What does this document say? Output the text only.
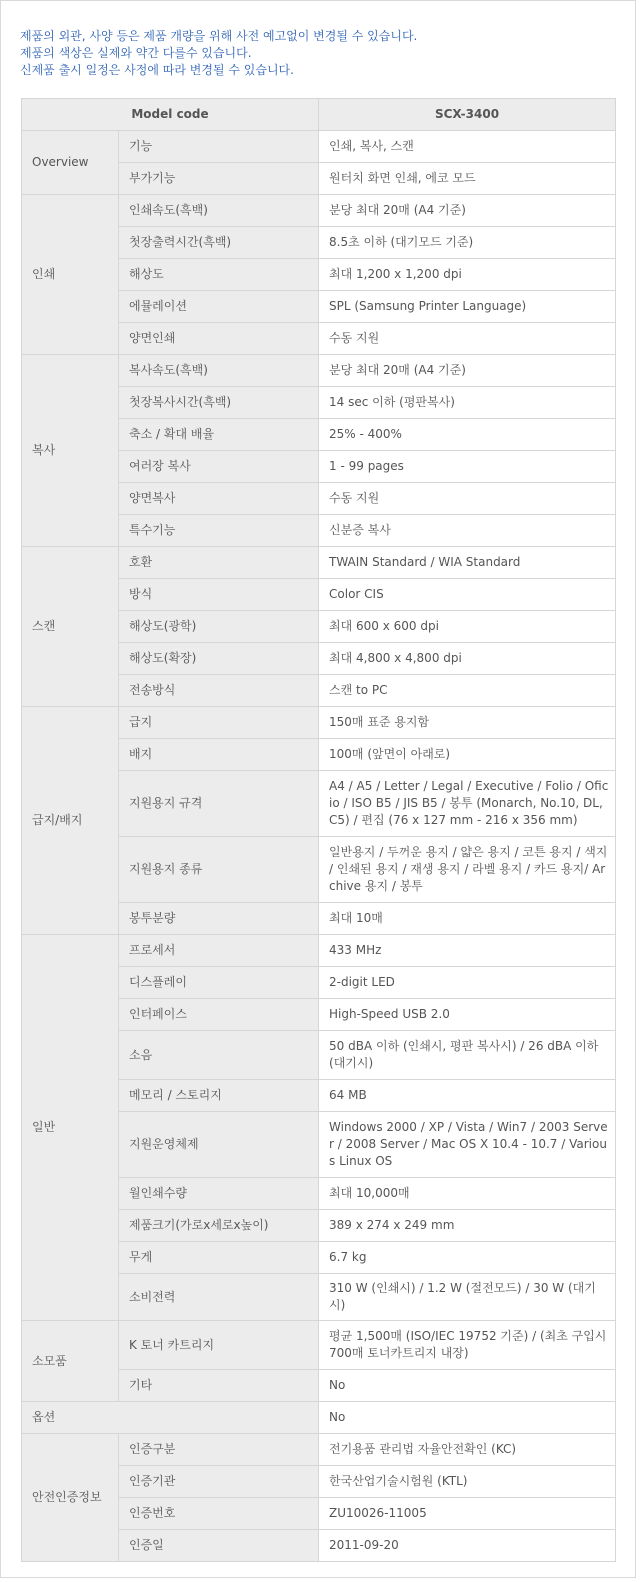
제품의 외관, 사양 등은 제품 개량을 위해 사전 예고없이 변경될 수 있습니다.
제품의 색상은 실제와 약간 다를수 있습니다.
신제품 출시 일정은 사정에 따라 변경될 수 있습니다.
Model code		SCX-3400
Overview	기능	인쇄, 복사, 스캔
	부가기능	원터치 화면 인쇄, 에코 모드
인쇄	인쇄속도(흑백)	분당 최대 20매 (A4 기준)
	첫장출력시간(흑백)	8.5초 이하 (대기모드 기준)
	해상도	최대 1,200 x 1,200 dpi
	에뮬레이션	SPL (Samsung Printer Language)
	양면인쇄	수동 지원
복사	복사속도(흑백)	분당 최대 20매 (A4 기준)
	첫장복사시간(흑백)	14 sec 이하 (평판복사)
	축소 / 확대 배율	25% - 400%
	여러장 복사	1 - 99 pages
	양면복사	수동 지원
	특수기능	신분증 복사
스캔	호환	TWAIN Standard / WIA Standard
	방식	Color CIS
	해상도(광학)	최대 600 x 600 dpi
	해상도(확장)	최대 4,800 x 4,800 dpi
	전송방식	스캔 to PC
급지/배지	급지	150매 표준 용지함
	배지	100매 (앞면이 아래로)
	지원용지 규격	A4 / A5 / Letter / Legal / Executive / Folio / Oficio / ISO B5 / JIS B5 / 봉투 (Monarch, No.10, DL, C5) / 편집 (76 x 127 mm - 216 x 356 mm)
	지원용지 종류	일반용지 / 두꺼운 용지 / 얇은 용지 / 코튼 용지 / 색지 / 인쇄된 용지 / 재생 용지 / 라벨 용지 / 카드 용지/ Archive 용지 / 봉투
	봉투분량	최대 10매
일반	프로세서	433 MHz
	디스플레이	2-digit LED
	인터페이스	High-Speed USB 2.0
	소음	50 dBA 이하 (인쇄시, 평판 복사시) / 26 dBA 이하 (대기시)
	메모리 / 스토리지	64 MB
	지원운영체제	Windows 2000 / XP / Vista / Win7 / 2003 Server / 2008 Server / Mac OS X 10.4 - 10.7 / Various Linux OS
	월인쇄수량	최대 10,000매
	제품크기(가로x세로x높이)	389 x 274 x 249 mm
	무게	6.7 kg
	소비전력	310 W (인쇄시) / 1.2 W (절전모드) / 30 W (대기시)
소모품	K 토너 카트리지	평균 1,500매 (ISO/IEC 19752 기준) / (최초 구입시 700매 토너카트리지 내장)
	기타	No
옵션		No
안전인증정보	인증구분	전기용품 관리법 자율안전확인 (KC)
	인증기관	한국산업기술시험원 (KTL)
	인증번호	ZU10026-11005
	인증일	2011-09-20
